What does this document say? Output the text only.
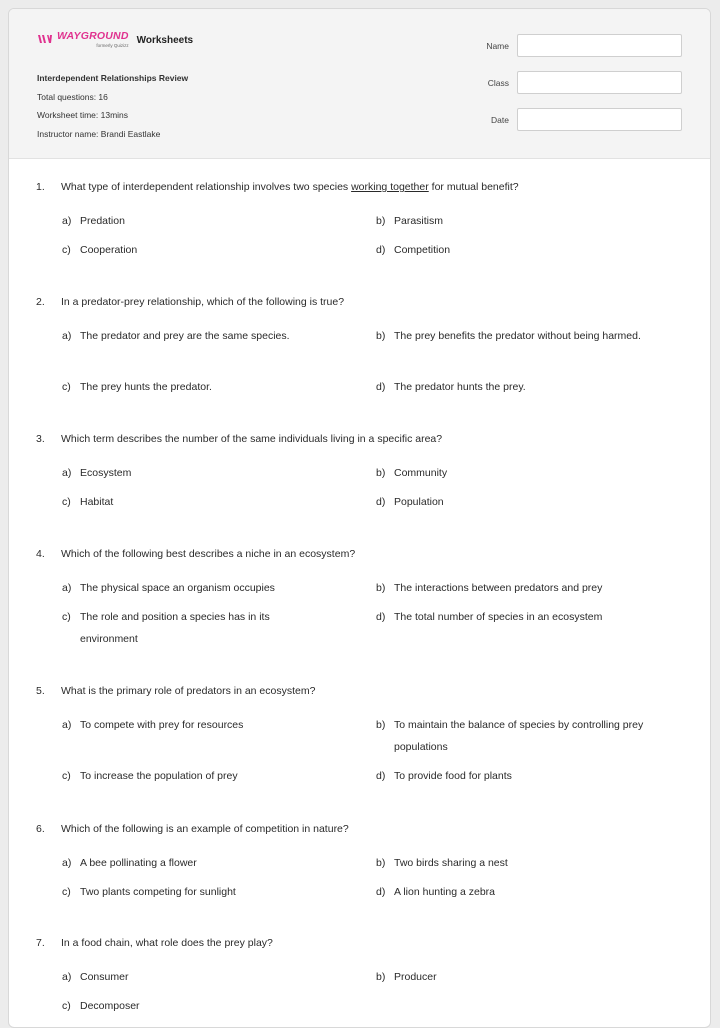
WAYGROUND
formerly Quizizz Worksheets
Interdependent Relationships Review
Total questions: 16
Worksheet time: 13mins
Instructor name: Brandi Eastlake
Name
Class
Date
1.	What type of interdependent relationship involves two species working together for mutual benefit?
a) Predation	b) Parasitism
c) Cooperation	d) Competition
2.	In a predator-prey relationship, which of the following is true?
a) The predator and prey are the same species.	b) The prey benefits the predator without being harmed.
c) The prey hunts the predator.	d) The predator hunts the prey.
3.	Which term describes the number of the same individuals living in a specific area?
a) Ecosystem	b) Community
c) Habitat	d) Population
4.	Which of the following best describes a niche in an ecosystem?
a) The physical space an organism occupies	b) The interactions between predators and prey
c) The role and position a species has in its environment
d) The total number of species in an ecosystem
5.	What is the primary role of predators in an ecosystem?
a) To compete with prey for resources	b) To maintain the balance of species by controlling prey populations
c) To increase the population of prey	d) To provide food for plants
6.	Which of the following is an example of competition in nature?
a) A bee pollinating a flower	b) Two birds sharing a nest
c) Two plants competing for sunlight	d) A lion hunting a zebra
7.	In a food chain, what role does the prey play?
a) Consumer	b) Producer
c) Decomposer
